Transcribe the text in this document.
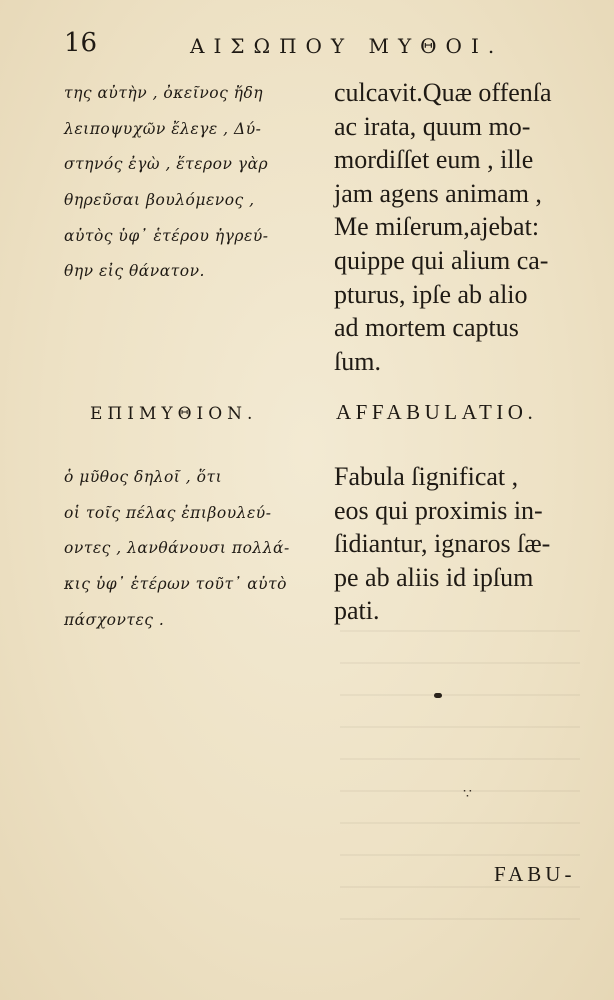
16	ΑΙΣΩΠΟΥ ΜΥΘΟΙ.
της αὐτὴν , ὀκεῖνος ἤδη
λειποψυχῶν ἔλεγε , Δύ-
στηνός ἐγὼ , ἕτερον γὰρ
θηρεῦσαι βουλόμενος ,
αὐτὸς ὑφ᾽ ἑτέρου ἠγρεύ-
θην εἰς θάνατον.
culcavit.Quæ offenſa
ac irata, quum mo-
mordiſſet eum , ille
jam agens animam ,
Me miſerum,ajebat:
quippe qui alium ca-
pturus, ipſe ab alio
ad mortem captus
ſum.
ΕΠΙΜΥΘΙΟΝ.	AFFABULATIO.
ὁ μῦθος δηλοῖ , ὅτι
οἱ τοῖς πέλας ἐπιβουλεύ-
οντες , λανθάνουσι πολλά-
κις ὑφ᾽ ἑτέρων τοῦτ᾽ αὐτὸ
πάσχοντες .
Fabula ſignificat ,
eos qui proximis in-
ſidiantur, ignaros ſæ-
pe ab aliis id ipſum
pati.
∵
FABU-
